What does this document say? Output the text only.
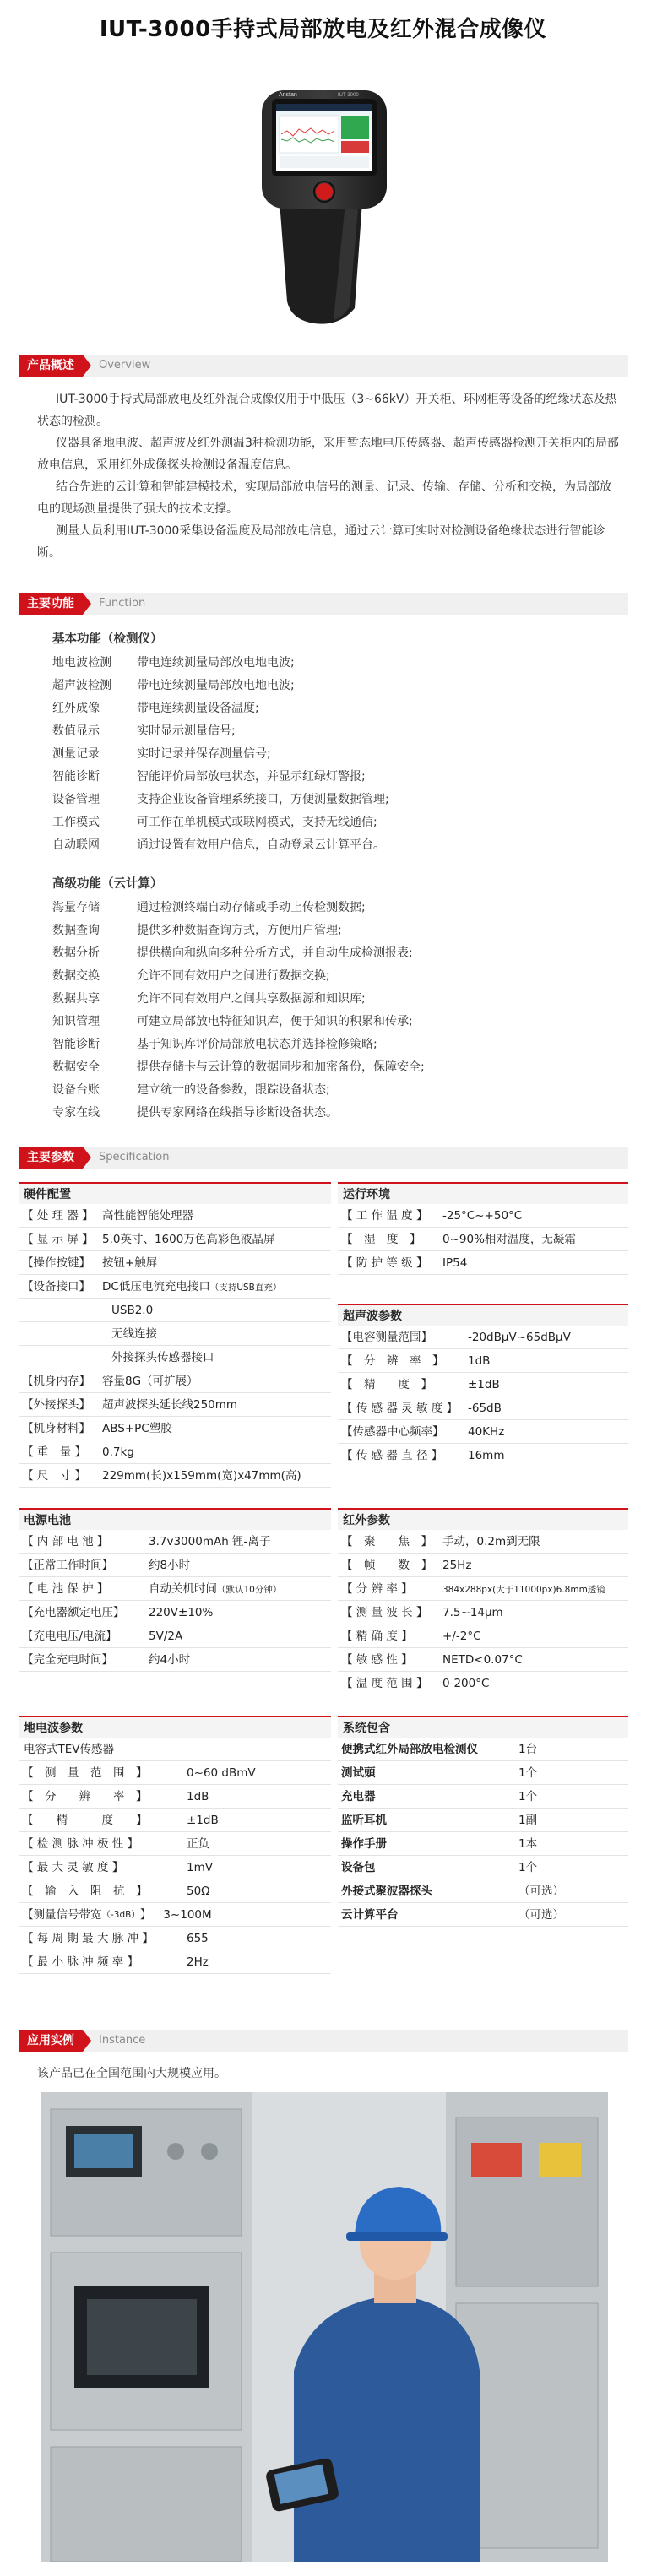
IUT-3000手持式局部放电及红外混合成像仪
Anstan	IUT-3000
产品概述	Overview

IUT-3000手持式局部放电及红外混合成像仪用于中低压（3~66kV）开关柜、环网柜等设备的绝缘状态及热状态的检测。

仪器具备地电波、超声波及红外测温3种检测功能，采用暂态地电压传感器、超声传感器检测开关柜内的局部放电信息，采用红外成像探头检测设备温度信息。

结合先进的云计算和智能建模技术，实现局部放电信号的测量、记录、传输、存储、分析和交换，为局部放电的现场测量提供了强大的技术支撑。

测量人员利用IUT-3000采集设备温度及局部放电信息，通过云计算可实时对检测设备绝缘状态进行智能诊断。

主要功能	Function
基本功能（检测仪）
地电波检测	带电连续测量局部放电地电波;
超声波检测	带电连续测量局部放电地电波;
红外成像	带电连续测量设备温度;
数值显示	实时显示测量信号;
测量记录	实时记录并保存测量信号;
智能诊断	智能评价局部放电状态，并显示红绿灯警报;
设备管理	支持企业设备管理系统接口，方便测量数据管理;
工作模式	可工作在单机模式或联网模式，支持无线通信;
自动联网	通过设置有效用户信息，自动登录云计算平台。
高级功能（云计算）
海量存储	通过检测终端自动存储或手动上传检测数据;
数据查询	提供多种数据查询方式，方便用户管理;
数据分析	提供横向和纵向多种分析方式，并自动生成检测报表;
数据交换	允许不同有效用户之间进行数据交换;
数据共享	允许不同有效用户之间共享数据源和知识库;
知识管理	可建立局部放电特征知识库，便于知识的积累和传承;
智能诊断	基于知识库评价局部放电状态并选择检修策略;
数据安全	提供存储卡与云计算的数据同步和加密备份，保障安全;
设备台账	建立统一的设备参数，跟踪设备状态;
专家在线	提供专家网络在线指导诊断设备状态。
主要参数	Specification
硬件配置
【 处 理 器 】 高性能智能处理器
【 显 示 屏 】 5.0英寸、1600万色高彩色液晶屏
【操作按键】	按钮+触屏
【设备接口】	DC低压电流充电接口（支持USB直充）
USB2.0
无线连接
外接探头传感器接口
【机身内存】	容量8G（可扩展）
【外接探头】	超声波探头延长线250mm
【机身材料】	ABS+PC塑胶
【 重　量 】	0.7kg
【 尺　寸 】	229mm(长)x159mm(宽)x47mm(高)
运行环境
【 工 作 温 度 】	-25°C~+50°C
【　湿　度　】	0~90%相对温度，无凝霜
【 防 护 等 级 】	IP54
超声波参数
【电容测量范围】	-20dBμV~65dBμV
【　分　辨　率　】	1dB
【　精　　度　】	±1dB
【 传 感 器 灵 敏 度 】 -65dB
【传感器中心频率】	40KHz
【 传 感 器 直 径 】	16mm
电源电池
【 内 部 电 池 】	3.7v3000mAh 锂-离子
【正常工作时间】	约8小时
【 电 池 保 护 】	自动关机时间（默认10分钟）
【充电器额定电压】	220V±10%
【充电电压/电流】	5V/2A
【完全充电时间】	约4小时
红外参数
【　聚　　焦　】 手动，0.2m到无限
【　帧　　数　】 25Hz
【 分 辨 率 】	384x288px(大于11000px)6.8mm透镜
【 测 量 波 长 】	7.5~14μm
【 精 确 度 】	+/-2°C
【 敏 感 性 】	NETD<0.07°C
【 温 度 范 围 】	0-200°C
地电波参数
电容式TEV传感器
【　测　量　范　围　】	0~60 dBmV
【　分　　辨　　率　】	1dB
【　　精　　　度　　】	±1dB
【 检 测 脉 冲 极 性 】	正负
【 最 大 灵 敏 度 】	1mV
【　输　入　阻　抗　】	50Ω
【测量信号带宽 （-3dB） 】	3~100M
【 每 周 期 最 大 脉 冲 】	655
【 最 小 脉 冲 频 率 】	2Hz
系统包含
便携式红外局部放电检测仪	1台
测试頭	1个
充电器	1个
监听耳机	1副
操作手册	1本
设备包	1个
外接式聚波器探头	（可选）
云计算平台	（可选）
应用实例	Instance
该产品已在全国范围内大规模应用。
